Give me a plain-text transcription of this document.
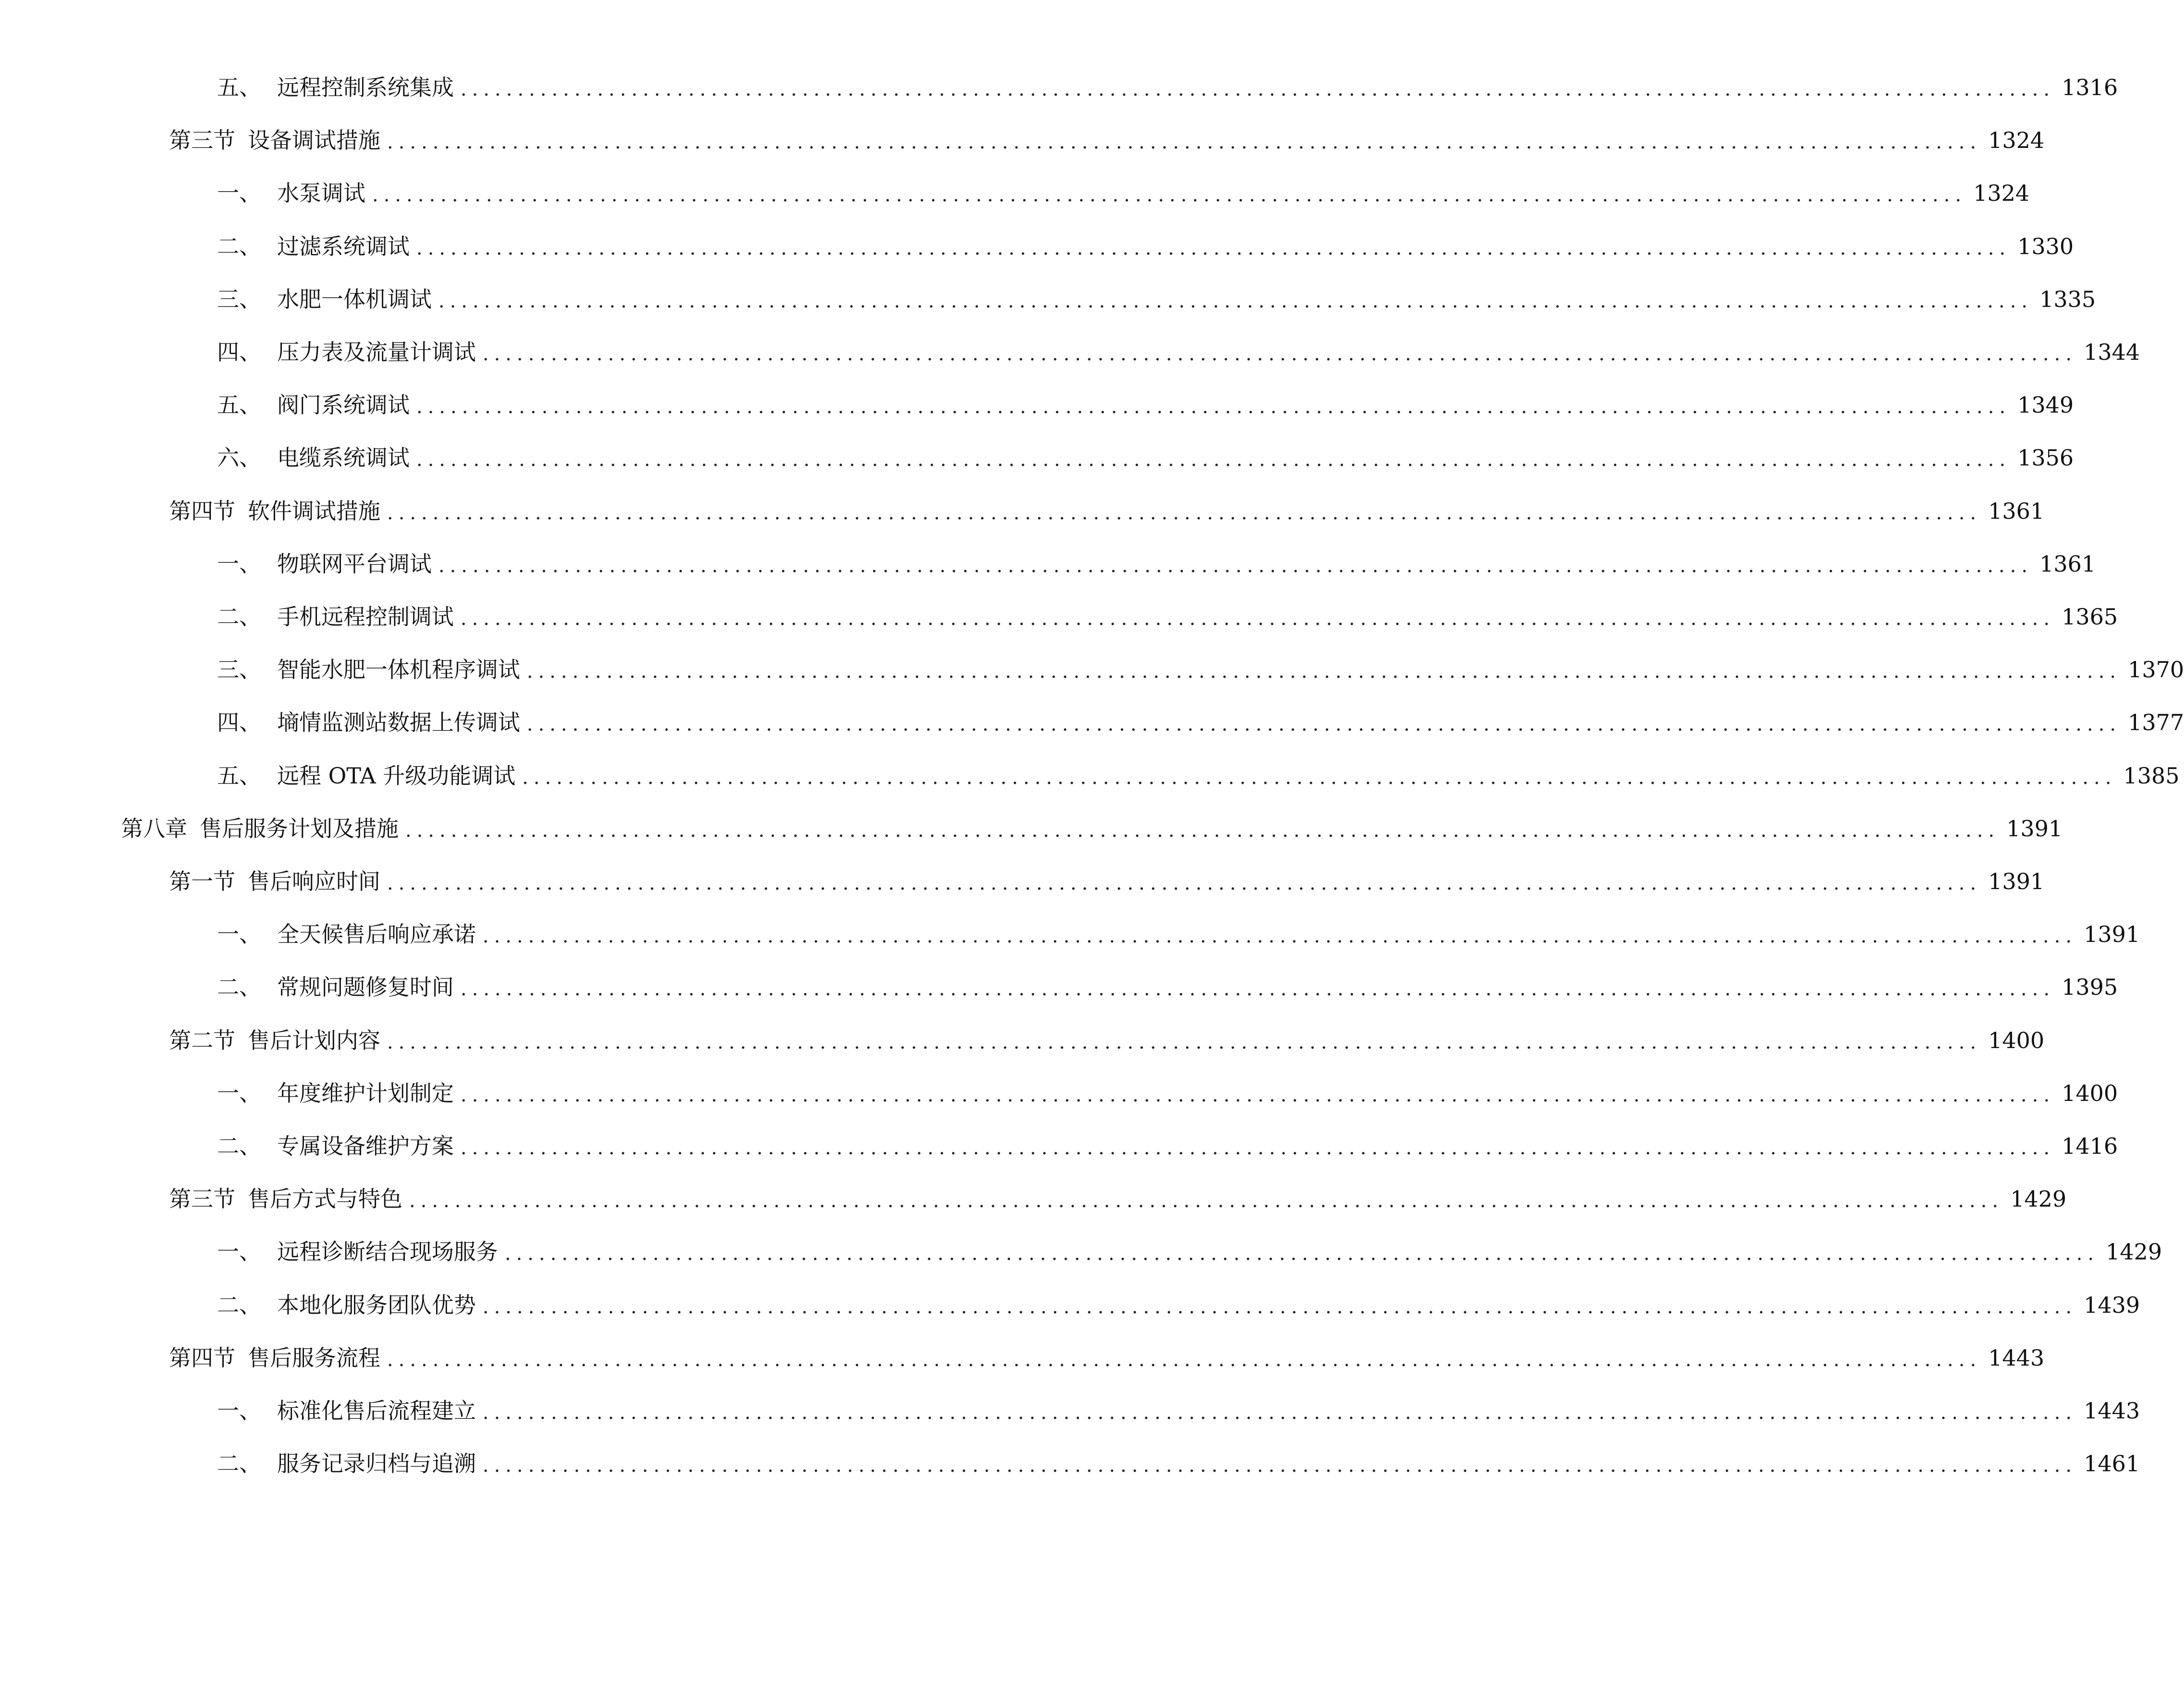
五、 远程控制系统集成 ............................................................................................................................................ 1316
第三节 设备调试措施 ............................................................................................................................................ 1324
一、 水泵调试 ............................................................................................................................................ 1324
二、 过滤系统调试 ............................................................................................................................................ 1330
三、 水肥一体机调试 ............................................................................................................................................ 1335
四、 压力表及流量计调试 ............................................................................................................................................ 1344
五、 阀门系统调试 ............................................................................................................................................ 1349
六、 电缆系统调试 ............................................................................................................................................ 1356
第四节 软件调试措施 ............................................................................................................................................ 1361
一、 物联网平台调试 ............................................................................................................................................ 1361
二、 手机远程控制调试 ............................................................................................................................................ 1365
三、 智能水肥一体机程序调试 ............................................................................................................................................ 1370
四、 墒情监测站数据上传调试 ............................................................................................................................................ 1377
五、 远程 OTA 升级功能调试 ............................................................................................................................................ 1385
第八章 售后服务计划及措施 ............................................................................................................................................ 1391
第一节 售后响应时间 ............................................................................................................................................ 1391
一、 全天候售后响应承诺 ............................................................................................................................................ 1391
二、 常规问题修复时间 ............................................................................................................................................ 1395
第二节 售后计划内容 ............................................................................................................................................ 1400
一、 年度维护计划制定 ............................................................................................................................................ 1400
二、 专属设备维护方案 ............................................................................................................................................ 1416
第三节 售后方式与特色 ............................................................................................................................................ 1429
一、 远程诊断结合现场服务 ............................................................................................................................................ 1429
二、 本地化服务团队优势 ............................................................................................................................................ 1439
第四节 售后服务流程 ............................................................................................................................................ 1443
一、 标准化售后流程建立 ............................................................................................................................................ 1443
二、 服务记录归档与追溯 ............................................................................................................................................ 1461
